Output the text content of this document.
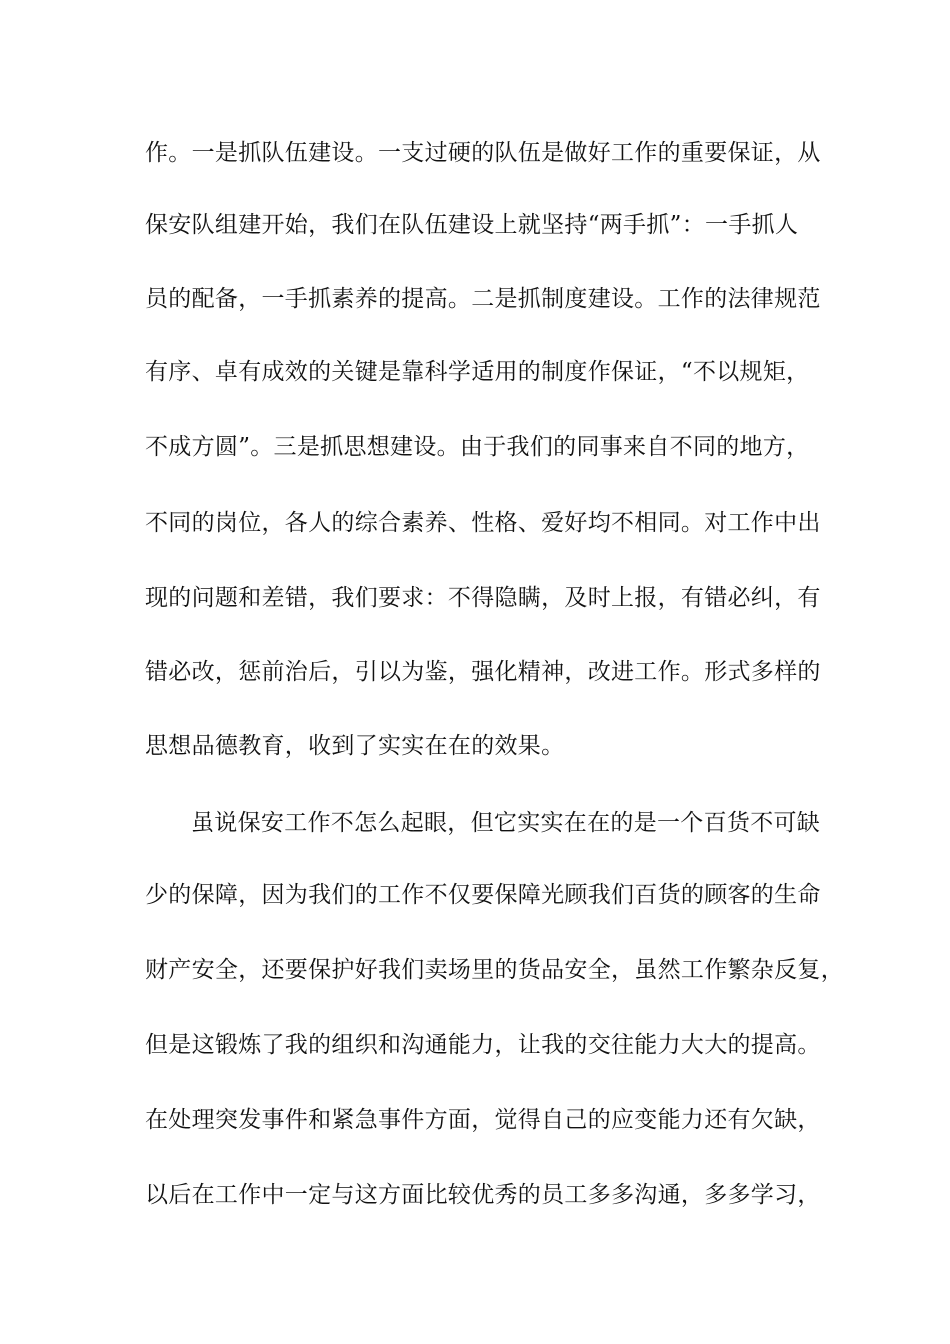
作。一是抓队伍建设。一支过硬的队伍是做好工作的重要保证，从
保安队组建开始，我们在队伍建设上就坚持“两手抓”：一手抓人
员的配备，一手抓素养的提高。二是抓制度建设。工作的法律规范
有序、卓有成效的关键是靠科学适用的制度作保证，“不以规矩，
不成方圆”。三是抓思想建设。由于我们的同事来自不同的地方，
不同的岗位，各人的综合素养、性格、爱好均不相同。对工作中出
现的问题和差错，我们要求：不得隐瞒，及时上报，有错必纠，有
错必改，惩前治后，引以为鉴，强化精神，改进工作。形式多样的
思想品德教育，收到了实实在在的效果。
虽说保安工作不怎么起眼，但它实实在在的是一个百货不可缺
少的保障，因为我们的工作不仅要保障光顾我们百货的顾客的生命
财产安全，还要保护好我们卖场里的货品安全，虽然工作繁杂反复，
但是这锻炼了我的组织和沟通能力，让我的交往能力大大的提高。
在处理突发事件和紧急事件方面，觉得自己的应变能力还有欠缺，
以后在工作中一定与这方面比较优秀的员工多多沟通，多多学习，
